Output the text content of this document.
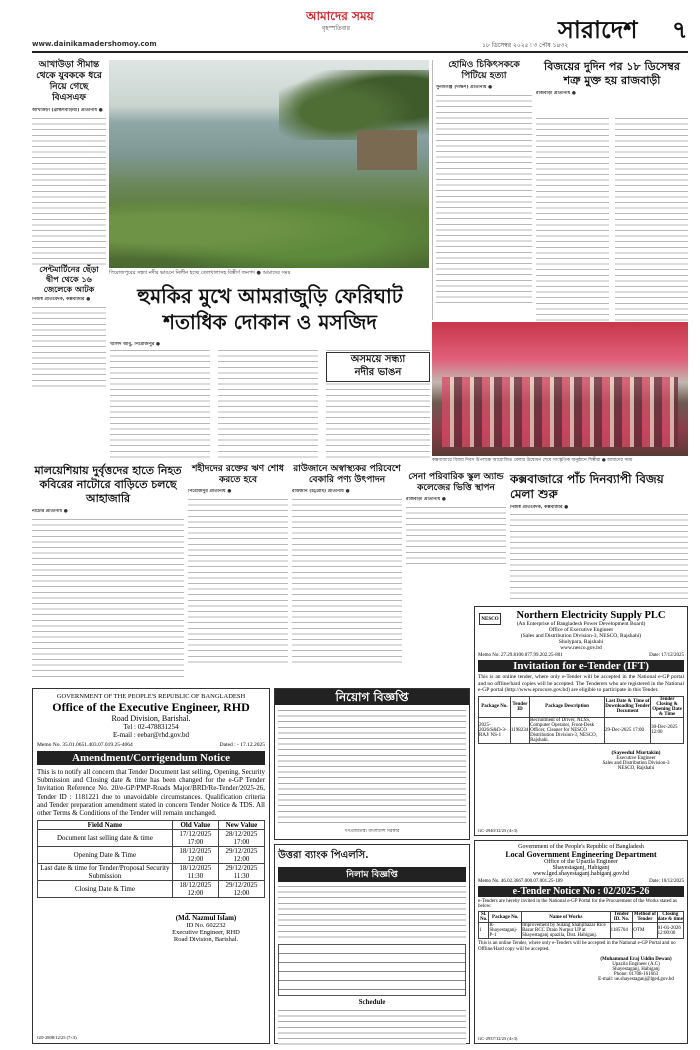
আমাদের সময়
বৃহস্পতিবার
www.dainikamadershomoy.com	১৮ ডিসেম্বর ২০২৫ ৷ ৩ পৌষ ১৪৩২
সারাদেশ ৭
আখাউড়া সীমান্ত থেকে যুবককে ধরে নিয়ে গেছে বিএসএফ
আখাউড়া (ব্রাহ্মণবাড়িয়া) প্রতিনিধি ●
সেন্টমার্টিনের ছেঁড়া দ্বীপ থেকে ১৬ জেলেকে আটক
নিজস্ব প্রতিবেদক, কক্সবাজার ●
পিরোজপুরের সন্ধ্যা নদীর ভাঙনে নিলীন হচ্ছে তেলখালাসহ বিস্তীর্ণ জনপদ ● আমাদের সময়
হুমকির মুখে আমরাজুড়ি ফেরিঘাট শতাধিক দোকান ও মসজিদ
খালিদ আবু, পিরোজপুর ●
অসময়ে সন্ধ্যা
নদীর ভাঙন
হোমিও চিকিৎসককে পিটিয়ে হত্যা
সুনামগঞ্জ (দক্ষিণ) প্রতিনিধি ●
বিজয়ের দুদিন পর ১৮ ডিসেম্বর শত্রু মুক্ত হয় রাজবাড়ী
রাজবাড়ী প্রতিনিধি ●
কক্সবাজারে বিজয় দিবস উপলক্ষে আয়োজিত মেলার উদ্বোধন শেষে সাংস্কৃতিক অনুষ্ঠানে শিল্পীরা ● আমাদের সময়
সেনা পরিবারিক স্কুল অ্যান্ড কলেজের ভিত্তি স্থাপন
রাজবাড়ী প্রতিনিধি ●
কক্সবাজারে পাঁচ দিনব্যাপী বিজয় মেলা শুরু
নিজস্ব প্রতিবেদক, কক্সবাজার ●
মালয়েশিয়ায় দুর্বৃত্তদের হাতে নিহত কবিরের নাটোরে বাড়িতে চলছে আহাজারি
নাটোর প্রতিনিধি ●
শহীদদের রক্তের ঋণ শোধ করতে হবে
পিরোজপুর প্রতিনিধি ●
রাউজানে অস্বাস্থ্যকর পরিবেশে বেকারি পণ্য উৎপাদন
রাউজান (চট্টগ্রাম) প্রতিনিধি ●
GOVERNMENT OF THE PEOPLE'S REPUBLIC OF BANGLADESH
Office of the Executive Engineer, RHD
Road Division, Barishal.
Tel : 02-478831254
E-mail : eebar@rhd.gov.bd
Memo No. 35.01.0651.403.07.019.25-4064	Dated : - 17.12.2025
Amendment/Corrigendum Notice
This is to notify all concern that Tender Document last selling, Opening, Security Submission and Closing date & time has been changed for the e-GP Tender Invitation Reference No. 20/e-GP/PMP-Roads Major/BRD/Re-Tender/2025-26, Tender ID : 1181221 due to unavoidable circumstances. Qualification criteria and Tender preparation amendment stated in concern Tender Notice & TDS. All other Terms & Conditions of the Tender will remain unchanged.
Field Name	Old Value	New Value
Document last selling date & time	17/12/2025 17:00	28/12/2025 17:00
Opening Date & Time	18/12/2025 12:00	29/12/2025 12:00
Last date & time for Tender/Proposal Security Submission	18/12/2025 11:30	29/12/2025 11:30
Closing Date & Time	18/12/2025 12:00	29/12/2025 12:00
(Md. Nazmul Islam)
ID No. 602232
Executive Engineer, RHD
Road Division, Barishal.
GD-2808/12/25 (7×3)
নিয়োগ বিজ্ঞপ্তি
গণপ্রজাতন্ত্রী বাংলাদেশ সরকার
উত্তরা ব্যাংক পিএলসি.
নিলাম বিজ্ঞপ্তি
Schedule
NESCO	Northern Electricity Supply PLC
(An Enterprise of Bangladesh Power Development Board)
Office of Executive Engineer
(Sales and Distribution Division-3, NESCO, Rajshahi)
Sholypara, Rajshahi
www.nesco.gov.bd
Memo No: 27.29.8100.077.99.202.25-801	Date: 17/12/2025
Invitation for e-Tender (IFT)
This is an online tender, where only e-Tender will be accepted in the National e-GP portal and no offline/hard copies will be accepted. The Tenderers who are registered in the National e-GP portal (http://www.eprocure.gov.bd) are eligible to participate in this Tender.
Package No.	Tender ID	Package Description	Last Date & Time of Downloading Tender Document	Tender Closing & Opening Date & Time
2025-2026/S&D-3-RAJ/ NS-1	1198234	Recruitment of Driver, NLSS, Computer Operator, Front-Desk Officer, Cleaner for NESCO Distribution Division-3, NESCO, Rajshahi.	29-Dec-2025 17:00	30-Dec-2025 12:00
(Sayeedul Murtakin)
Executive Engineer
Sales and Distribution Division-3
NESCO, Rajshahi
GC-2940/12/25 (4×3)
Government of the People's Republic of Bangladesh
Local Government Engineering Department
Office of the Upazila Engineer
Shayestaganj, Habiganj
www.lged.shayestaganj.habiganj.gov.bd
Memo No. 46.02.3667.000.07.001.25-189	Date: 10/12/2025
e-Tender Notice No : 02/2025-26
e-Tenders are hereby invited in the National e-GP Portal for the Procurement of the Works stated as below:
Sl. No.	Package No.	Name of Works	Tender ID. No.	Method of Tender	Closing date & time
1	R-Shayestaganj-P-1	Improvement by Sutang Shahjibazar Rice Bazar RCC Drain Nurpur UP at Shayestaganj upazila, Dist. Habiganj.	1185704	OTM	01-01-2026 12:00:00
This is an online Tender, where only e-Tenders will be accepted in the National e-GP Portal and no Offline/Hard copy will be accepted.
(Muhammad Eraj Uddin Dewan)
Upazila Engineer (A.C)
Shayestaganj, Habiganj
Phone: 01708-161663
E-mail: ue.shayestaganj@lged.gov.bd
GC-2937/12/25 (4×3)
